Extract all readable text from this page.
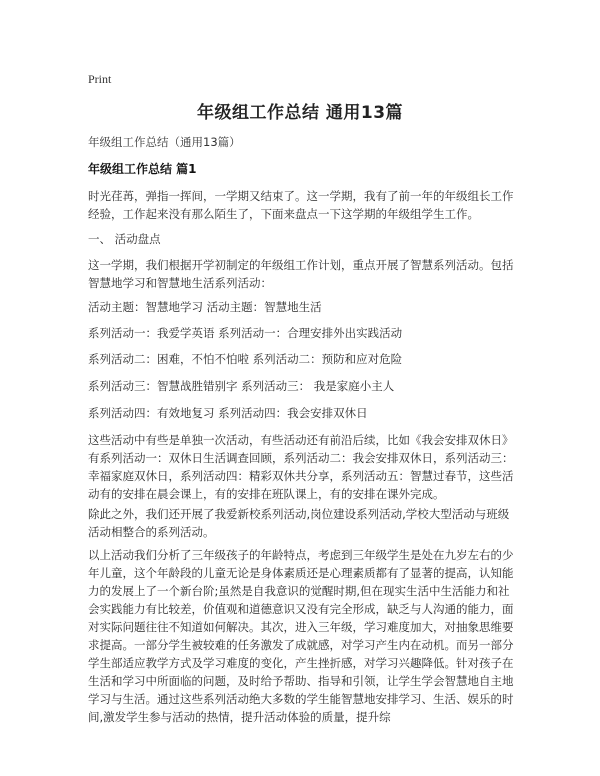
Print
年级组工作总结 通用13篇
年级组工作总结（通用13篇）
年级组工作总结 篇1

时光荏苒，弹指一挥间，一学期又结束了。这一学期，我有了前一年的年级组长工作经验，工作起来没有那么陌生了，下面来盘点一下这学期的年级组学生工作。

一、 活动盘点

这一学期，我们根据开学初制定的年级组工作计划，重点开展了智慧系列活动。包括智慧地学习和智慧地生活系列活动：

活动主题：智慧地学习 活动主题：智慧地生活

系列活动一：我爱学英语 系列活动一：合理安排外出实践活动

系列活动二：困难，不怕不怕啦 系列活动二：预防和应对危险

系列活动三：智慧战胜错别字 系列活动三： 我是家庭小主人

系列活动四：有效地复习 系列活动四：我会安排双休日

这些活动中有些是单独一次活动，有些活动还有前沿后续，比如《我会安排双休日》有系列活动一：双休日生活调查回顾，系列活动二：我会安排双休日，系列活动三：幸福家庭双休日，系列活动四：精彩双休共分享，系列活动五：智慧过春节，这些活动有的安排在晨会课上，有的安排在班队课上，有的安排在课外完成。

除此之外，我们还开展了我爱新校系列活动,岗位建设系列活动,学校大型活动与班级活动相整合的系列活动。

以上活动我们分析了三年级孩子的年龄特点，考虑到三年级学生是处在九岁左右的少年儿童，这个年龄段的儿童无论是身体素质还是心理素质都有了显著的提高，认知能力的发展上了一个新台阶;虽然是自我意识的觉醒时期,但在现实生活中生活能力和社会实践能力有比较差，价值观和道德意识又没有完全形成，缺乏与人沟通的能力，面对实际问题往往不知道如何解决。其次，进入三年级，学习难度加大，对抽象思维要求提高。一部分学生被较难的任务激发了成就感，对学习产生内在动机。而另一部分学生部适应教学方式及学习难度的变化，产生挫折感，对学习兴趣降低。针对孩子在生活和学习中所面临的问题，及时给予帮助、指导和引领，让学生学会智慧地自主地学习与生活。通过这些系列活动绝大多数的学生能智慧地安排学习、生活、娱乐的时间,激发学生参与活动的热情，提升活动体验的质量，提升综
